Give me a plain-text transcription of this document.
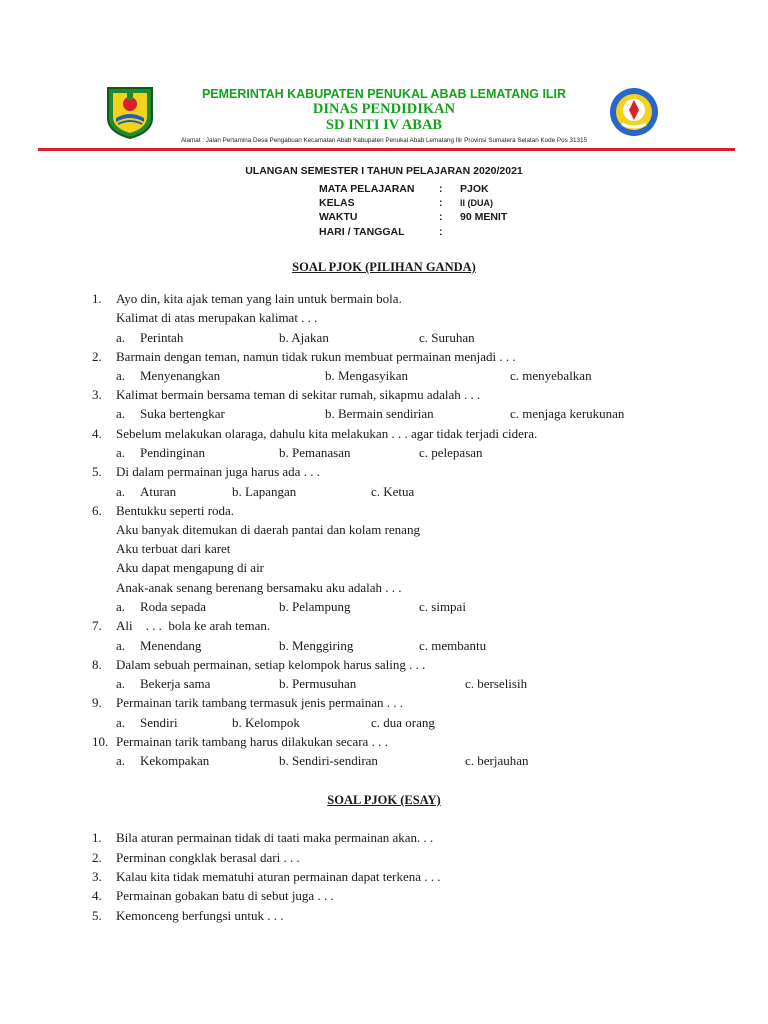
PEMERINTAH KABUPATEN PENUKAL ABAB LEMATANG ILIR
DINAS PENDIDIKAN
SD INTI IV ABAB
Alamat : Jalan Pertamina Desa Pengabuan Kecamatan Abab Kabupaten Penukal Abab Lematang Ilir Provinsi Sumatera Selatan Kode Pos 31315
ULANGAN SEMESTER I TAHUN PELAJARAN 2020/2021
MATA PELAJARAN : PJOK
KELAS	: II (DUA)
WAKTU	: 90 MENIT
HARI / TANGGAL	:
SOAL PJOK (PILIHAN GANDA)
1. Ayo din, kita ajak teman yang lain untuk bermain bola.
Kalimat di atas merupakan kalimat . . .
a. Perintah	b. Ajakan	c. Suruhan
2. Barmain dengan teman, namun tidak rukun membuat permainan menjadi . . .
a. Menyenangkan	b. Mengasyikan	c. menyebalkan
3. Kalimat bermain bersama teman di sekitar rumah, sikapmu adalah . . .
a. Suka bertengkar	b. Bermain sendirian	c. menjaga kerukunan
4. Sebelum melakukan olaraga, dahulu kita melakukan . . . agar tidak terjadi cidera.
a. Pendinginan	b. Pemanasan	c. pelepasan
5. Di dalam permainan juga harus ada . . .
a. Aturan	b. Lapangan	c. Ketua
6. Bentukku seperti roda.
Aku banyak ditemukan di daerah pantai dan kolam renang
Aku terbuat dari karet
Aku dapat mengapung di air
Anak-anak senang berenang bersamaku aku adalah . . .
a. Roda sepada	b. Pelampung	c. simpai
7. Ali    . . .  bola ke arah teman.
a. Menendang	b. Menggiring	c. membantu
8. Dalam sebuah permainan, setiap kelompok harus saling . . .
a. Bekerja sama	b. Permusuhan	c. berselisih
9. Permainan tarik tambang termasuk jenis permainan . . .
a. Sendiri	b. Kelompok	c. dua orang
10. Permainan tarik tambang harus dilakukan secara . . .
a. Kekompakan	b. Sendiri-sendiran	c. berjauhan
SOAL PJOK (ESAY)
1. Bila aturan permainan tidak di taati maka permainan akan. . .
2. Perminan congklak berasal dari . . .
3. Kalau kita tidak mematuhi aturan permainan dapat terkena . . .
4. Permainan gobakan batu di sebut juga . . .
5. Kemonceng berfungsi untuk . . .
